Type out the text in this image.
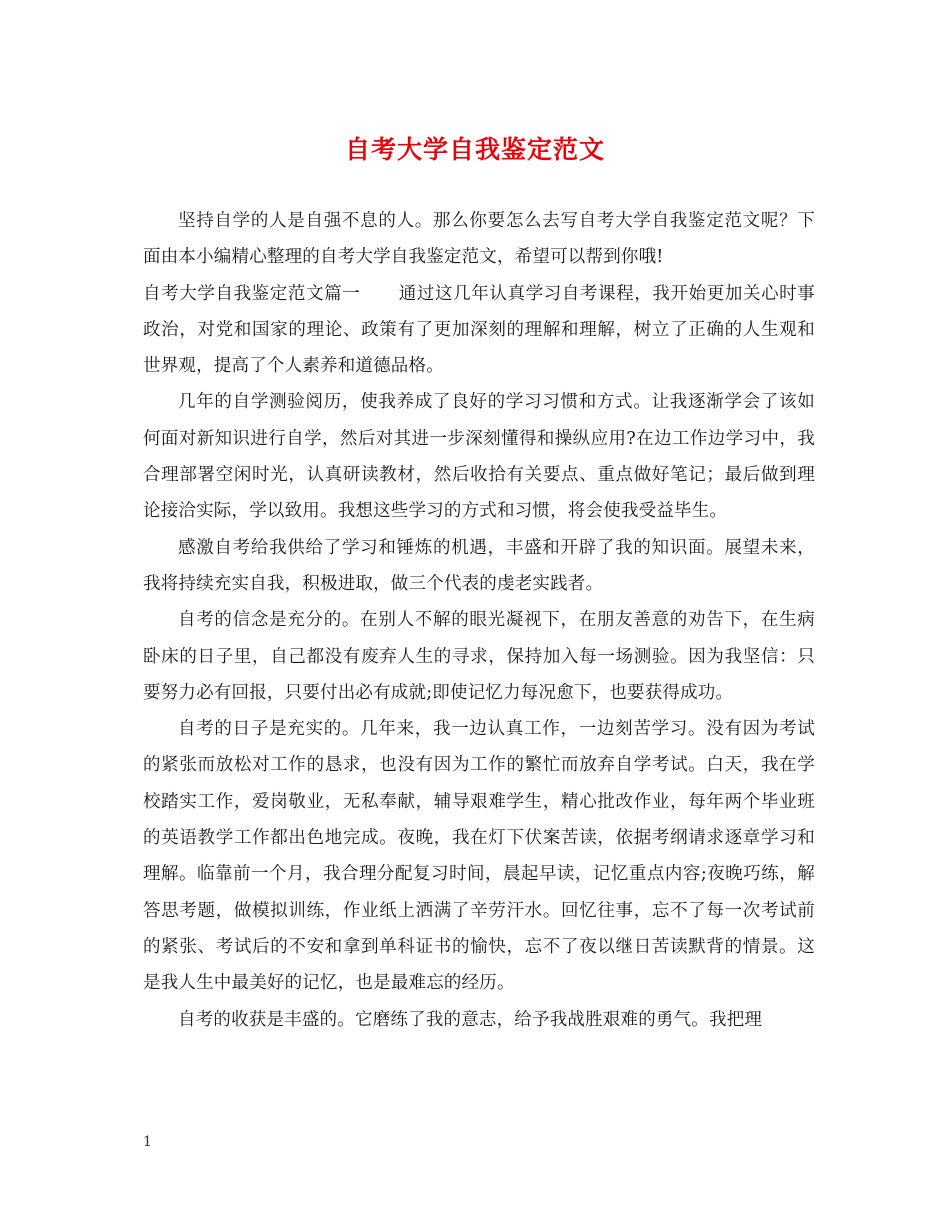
自考大学自我鉴定范文

坚持自学的人是自强不息的人。那么你要怎么去写自考大学自我鉴定范文呢？下面由本小编精心整理的自考大学自我鉴定范文，希望可以帮到你哦!

自考大学自我鉴定范文篇一 通过这几年认真学习自考课程，我开始更加关心时事政治，对党和国家的理论、政策有了更加深刻的理解和理解，树立了正确的人生观和世界观，提高了个人素养和道德品格。

几年的自学测验阅历，使我养成了良好的学习习惯和方式。让我逐渐学会了该如何面对新知识进行自学，然后对其进一步深刻懂得和操纵应用?在边工作边学习中，我合理部署空闲时光，认真研读教材，然后收拾有关要点、重点做好笔记；最后做到理论接洽实际，学以致用。我想这些学习的方式和习惯，将会使我受益毕生。

感激自考给我供给了学习和锤炼的机遇，丰盛和开辟了我的知识面。展望未来，我将持续充实自我，积极进取，做三个代表的虔老实践者。

自考的信念是充分的。在别人不解的眼光凝视下，在朋友善意的劝告下，在生病卧床的日子里，自己都没有废弃人生的寻求，保持加入每一场测验。因为我坚信：只要努力必有回报，只要付出必有成就;即使记忆力每况愈下，也要获得成功。

自考的日子是充实的。几年来，我一边认真工作，一边刻苦学习。没有因为考试的紧张而放松对工作的恳求，也没有因为工作的繁忙而放弃自学考试。白天，我在学校踏实工作，爱岗敬业，无私奉献，辅导艰难学生，精心批改作业，每年两个毕业班的英语教学工作都出色地完成。夜晚，我在灯下伏案苦读，依据考纲请求逐章学习和理解。临靠前一个月，我合理分配复习时间，晨起早读，记忆重点内容;夜晚巧练，解答思考题，做模拟训练，作业纸上洒满了辛劳汗水。回忆往事，忘不了每一次考试前的紧张、考试后的不安和拿到单科证书的愉快，忘不了夜以继日苦读默背的情景。这是我人生中最美好的记忆，也是最难忘的经历。

自考的收获是丰盛的。它磨练了我的意志，给予我战胜艰难的勇气。我把理

1
